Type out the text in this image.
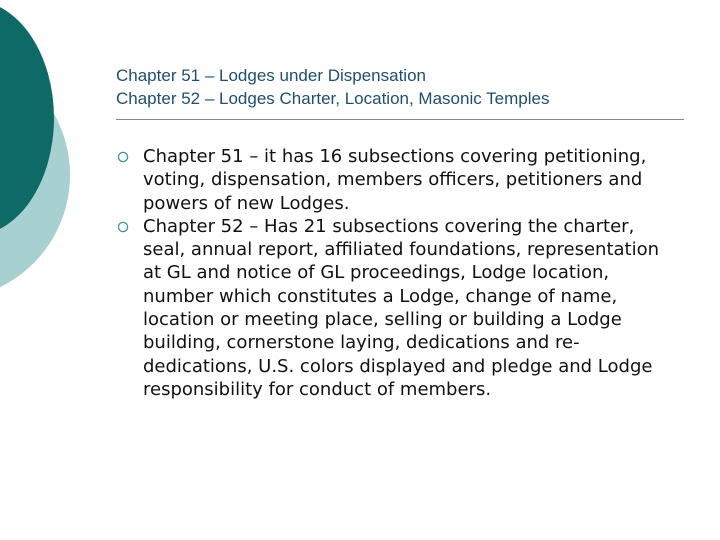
Chapter 51 – Lodges under Dispensation
Chapter 52 – Lodges Charter, Location, Masonic Temples
Chapter 51 – it has 16 subsections covering petitioning, voting, dispensation, members officers, petitioners and powers of new Lodges.
Chapter 52 – Has 21 subsections covering the charter, seal, annual report, affiliated foundations, representation at GL and notice of GL proceedings, Lodge location, number which constitutes a Lodge, change of name, location or meeting place, selling or building a Lodge building, cornerstone laying, dedications and re-dedications, U.S. colors displayed and pledge and Lodge responsibility for conduct of members.
